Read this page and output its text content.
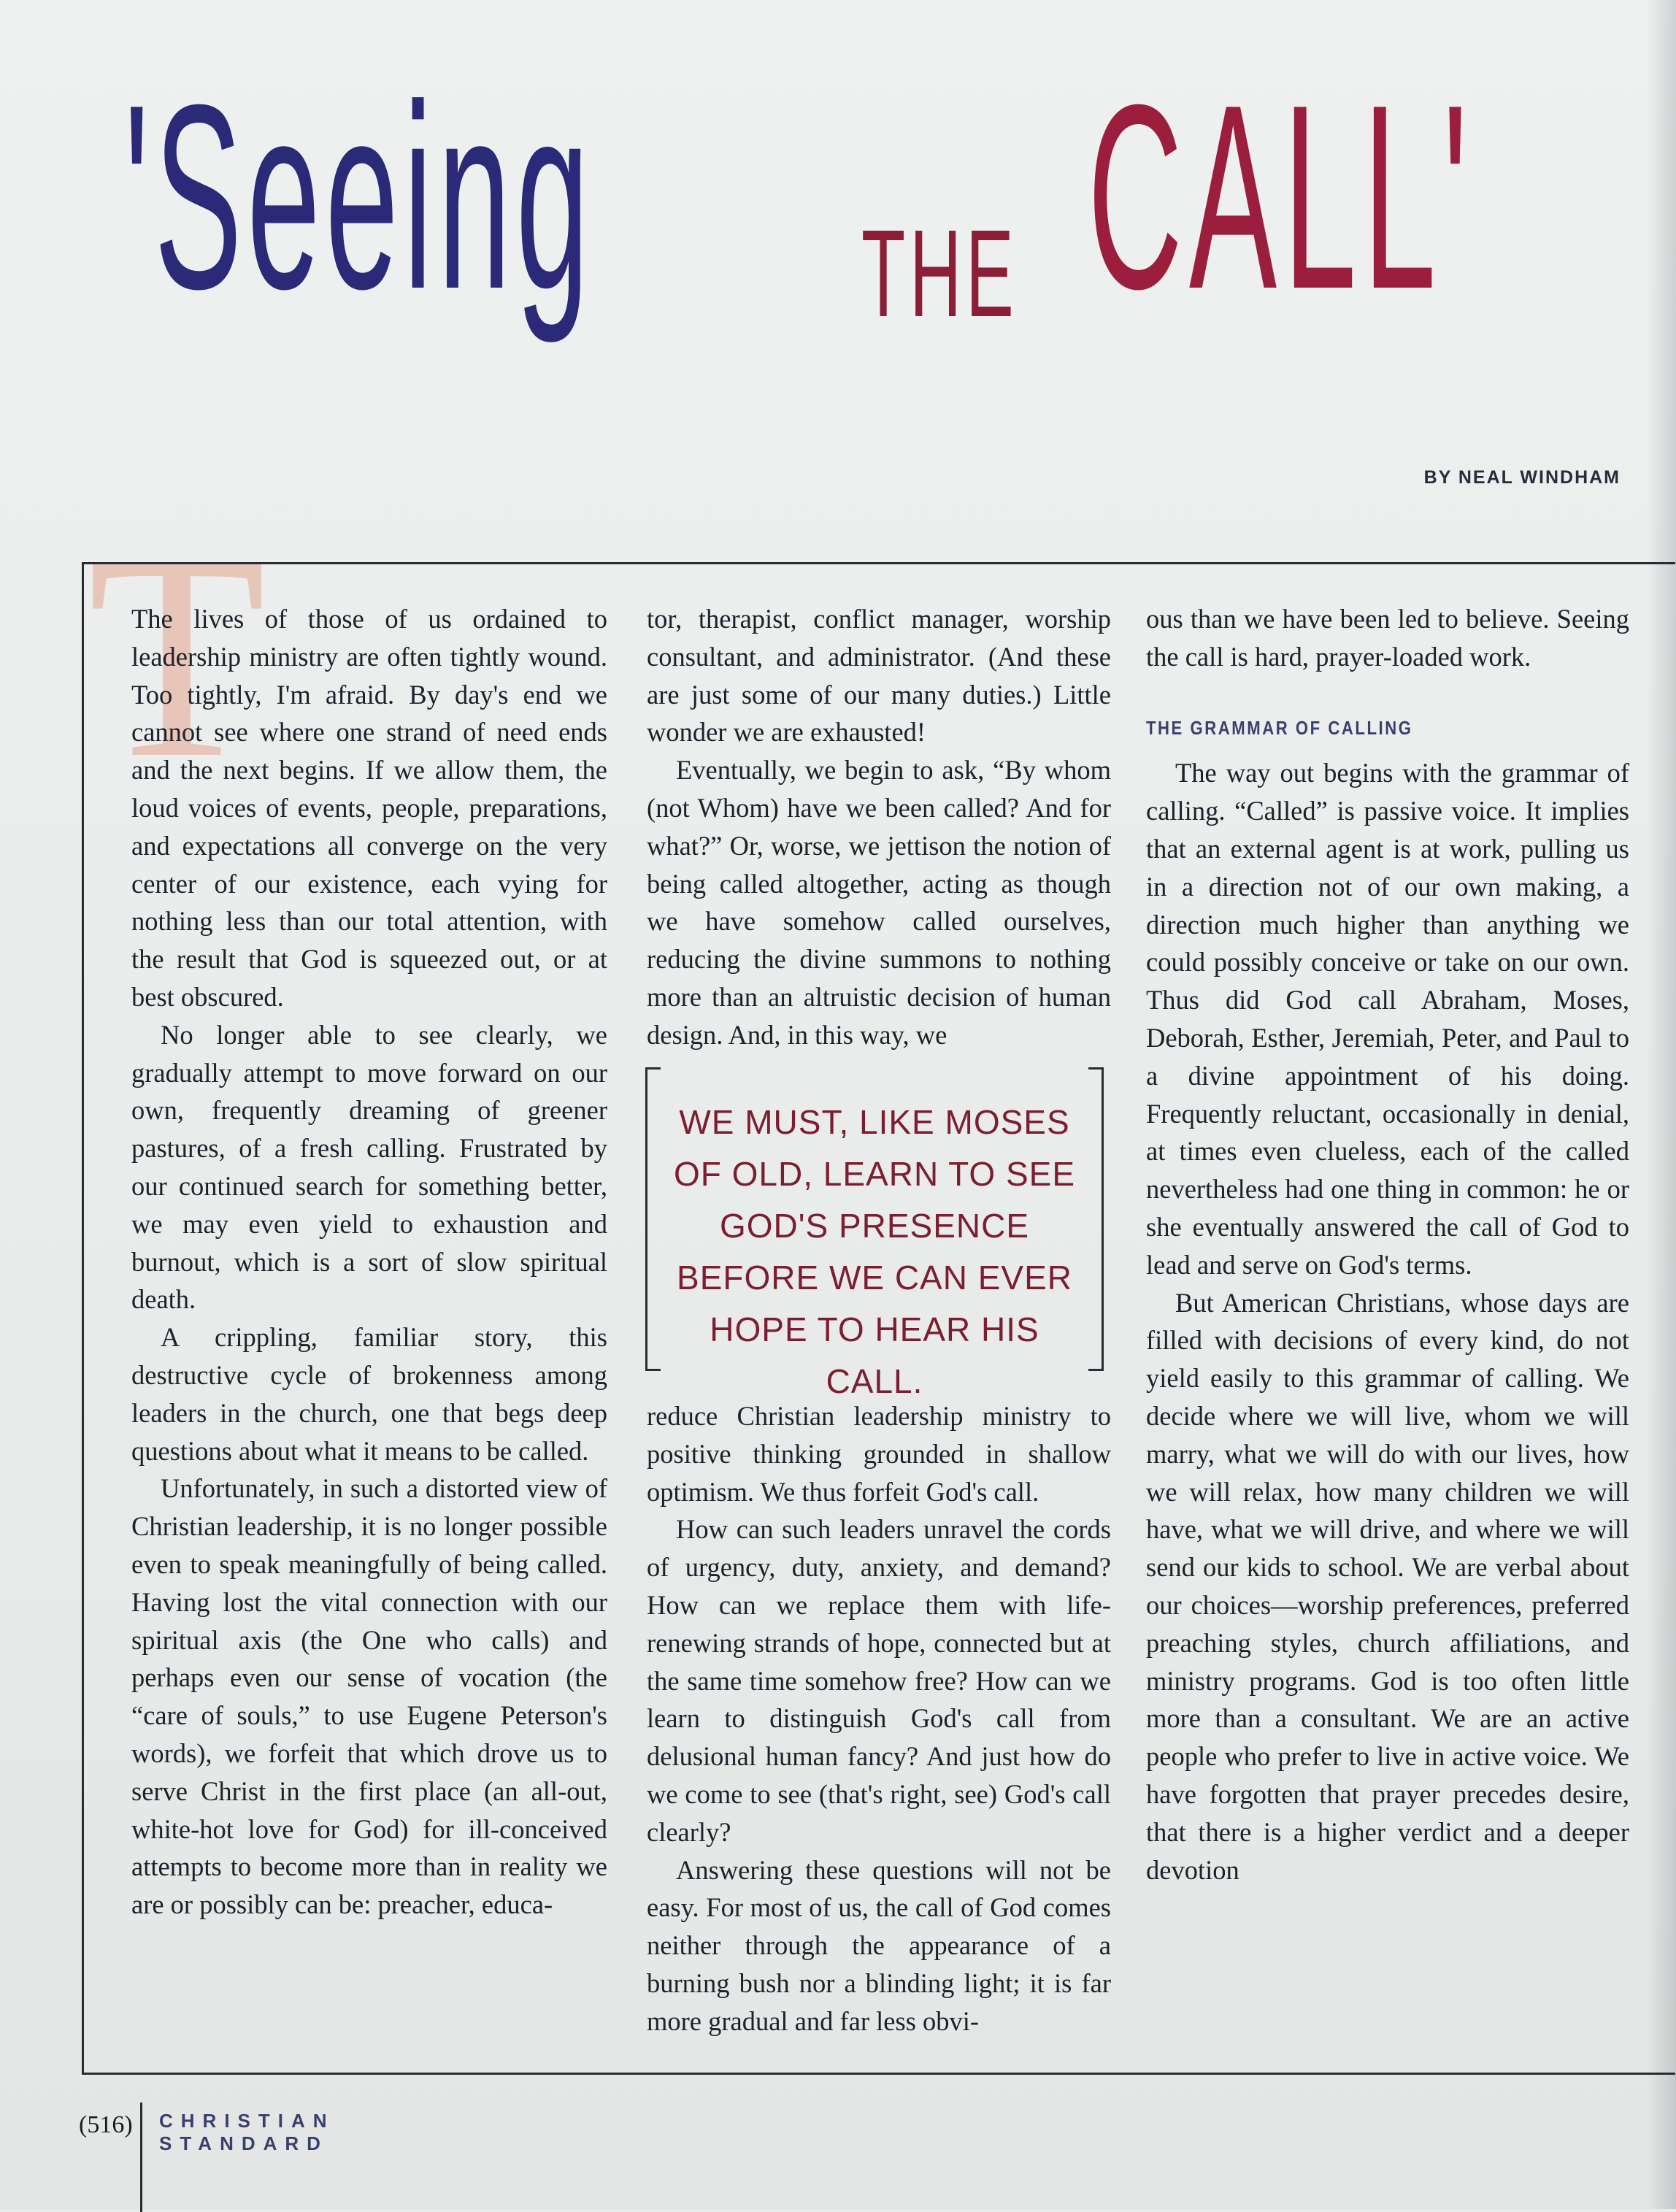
'Seeing THE CALL'
BY NEAL WINDHAM
T

The lives of those of us ordained to leadership ministry are often tightly wound. Too tightly, I'm afraid. By day's end we cannot see where one strand of need ends and the next begins. If we allow them, the loud voices of events, people, preparations, and expectations all converge on the very center of our existence, each vying for nothing less than our total attention, with the result that God is squeezed out, or at best obscured.

No longer able to see clearly, we gradually attempt to move forward on our own, frequently dreaming of greener pastures, of a fresh calling. Frustrated by our continued search for something better, we may even yield to exhaustion and burnout, which is a sort of slow spiritual death.

A crippling, familiar story, this destructive cycle of brokenness among leaders in the church, one that begs deep questions about what it means to be called.

Unfortunately, in such a distorted view of Christian leadership, it is no longer possible even to speak meaningfully of being called. Having lost the vital connection with our spiritual axis (the One who calls) and perhaps even our sense of vocation (the “care of souls,” to use Eugene Peterson's words), we forfeit that which drove us to serve Christ in the first place (an all-out, white-hot love for God) for ill-conceived attempts to become more than in reality we are or possibly can be: preacher, educa-

tor, therapist, conflict manager, worship consultant, and administrator. (And these are just some of our many duties.) Little wonder we are exhausted!

Eventually, we begin to ask, “By whom (not Whom) have we been called? And for what?” Or, worse, we jettison the notion of being called altogether, acting as though we have somehow called ourselves, reducing the divine summons to nothing more than an altruistic decision of human design. And, in this way, we

reduce Christian leadership ministry to positive thinking grounded in shallow optimism. We thus forfeit God's call.

How can such leaders unravel the cords of urgency, duty, anxiety, and demand? How can we replace them with life-renewing strands of hope, connected but at the same time somehow free? How can we learn to distinguish God's call from delusional human fancy? And just how do we come to see (that's right, see) God's call clearly?

Answering these questions will not be easy. For most of us, the call of God comes neither through the appearance of a burning bush nor a blinding light; it is far more gradual and far less obvi-

WE MUST, LIKE MOSES OF OLD, LEARN TO SEE GOD'S PRESENCE BEFORE WE CAN EVER HOPE TO HEAR HIS CALL.

ous than we have been led to believe. Seeing the call is hard, prayer-loaded work.

THE GRAMMAR OF CALLING

The way out begins with the grammar of calling. “Called” is passive voice. It implies that an external agent is at work, pulling us in a direction not of our own making, a direction much higher than anything we could possibly conceive or take on our own. Thus did God call Abraham, Moses, Deborah, Esther, Jeremiah, Peter, and Paul to a divine appointment of his doing. Frequently reluctant, occasionally in denial, at times even clueless, each of the called nevertheless had one thing in common: he or she eventually answered the call of God to lead and serve on God's terms.

But American Christians, whose days are filled with decisions of every kind, do not yield easily to this grammar of calling. We decide where we will live, whom we will marry, what we will do with our lives, how we will relax, how many children we will have, what we will drive, and where we will send our kids to school. We are verbal about our choices—worship preferences, preferred preaching styles, church affiliations, and ministry programs. God is too often little more than a consultant. We are an active people who prefer to live in active voice. We have forgotten that prayer precedes desire, that there is a higher verdict and a deeper devotion

(516) CHRISTIAN STANDARD
